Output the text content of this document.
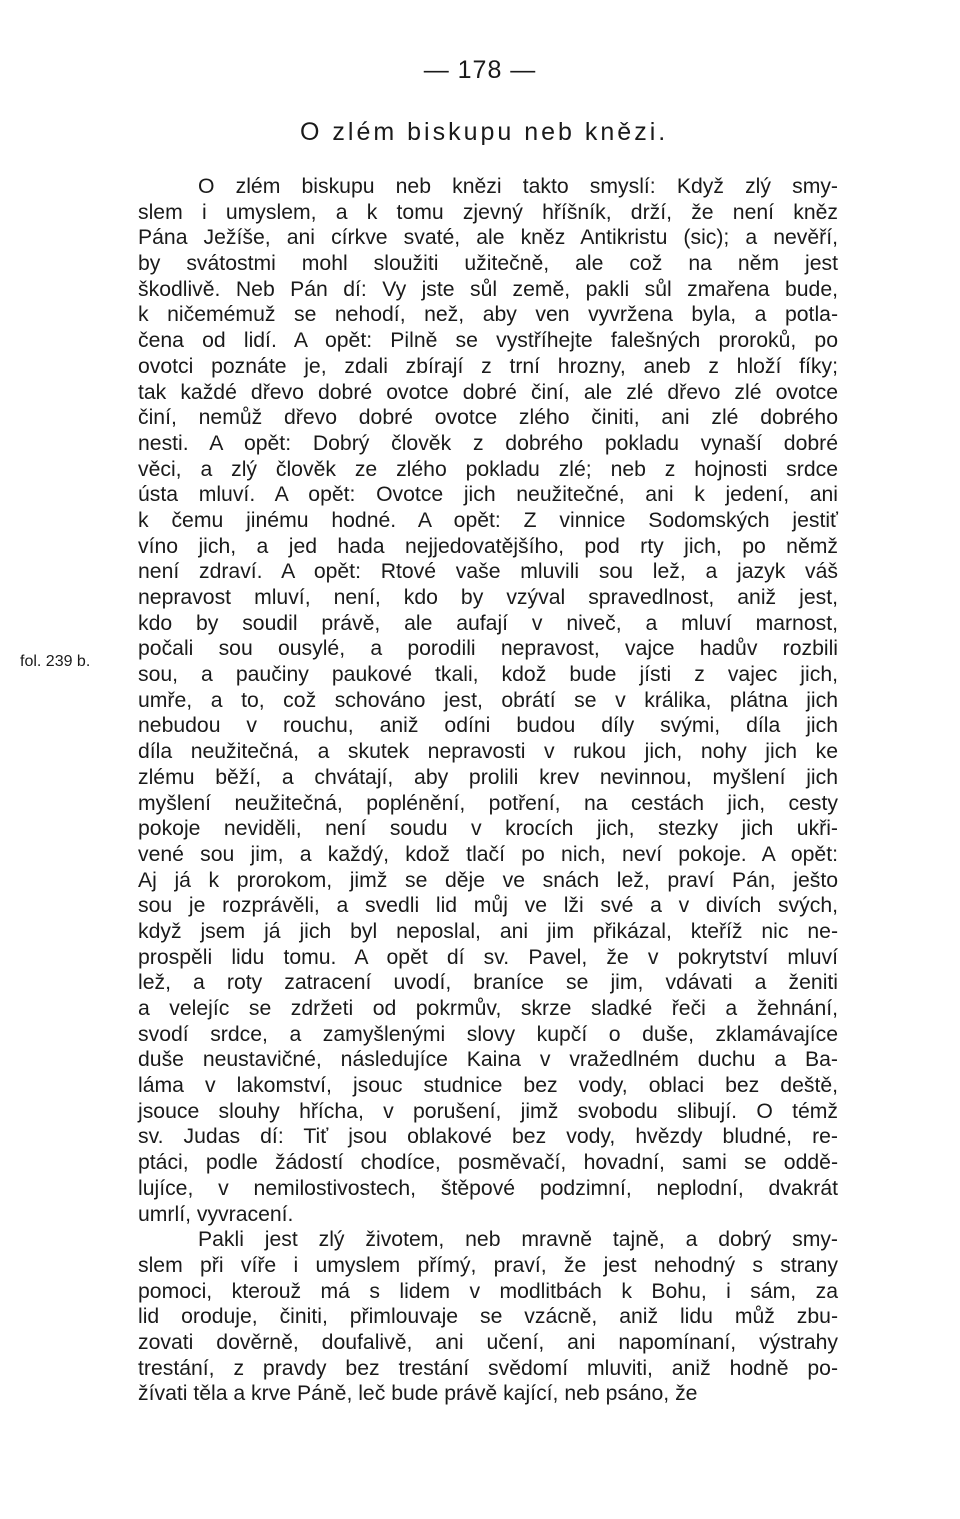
— 178 —
O zlém biskupu neb knězi.
fol. 239 b.
O zlém biskupu neb knězi takto smyslí: Když zlý smy-
slem i umyslem, a k tomu zjevný hříšník, drží, že není kněz
Pána Ježíše, ani církve svaté, ale kněz Antikristu (sic); a nevěří,
by svátostmi mohl sloužiti užitečně, ale což na něm jest
škodlivě. Neb Pán dí: Vy jste sůl země, pakli sůl zmařena bude,
k ničemémuž se nehodí, než, aby ven vyvržena byla, a potla-
čena od lidí. A opět: Pilně se vystříhejte falešných proroků, po
ovotci poznáte je, zdali zbírají z trní hrozny, aneb z hloží fíky;
tak každé dřevo dobré ovotce dobré činí, ale zlé dřevo zlé ovotce
činí, nemůž dřevo dobré ovotce zlého činiti, ani zlé dobrého
nesti. A opět: Dobrý člověk z dobrého pokladu vynaší dobré
věci, a zlý člověk ze zlého pokladu zlé; neb z hojnosti srdce
ústa mluví. A opět: Ovotce jich neužitečné, ani k jedení, ani
k čemu jinému hodné. A opět: Z vinnice Sodomských jestiť
víno jich, a jed hada nejjedovatějšího, pod rty jich, po němž
není zdraví. A opět: Rtové vaše mluvili sou lež, a jazyk váš
nepravost mluví, není, kdo by vzýval spravedlnost, aniž jest,
kdo by soudil právě, ale aufají v niveč, a mluví marnost,
počali sou ousylé, a porodili nepravost, vajce hadův rozbili
sou, a paučiny paukové tkali, kdož bude jísti z vajec jich,
umře, a to, což schováno jest, obrátí se v králika, plátna jich
nebudou v rouchu, aniž odíni budou díly svými, díla jich
díla neužitečná, a skutek nepravosti v rukou jich, nohy jich ke
zlému běží, a chvátají, aby prolili krev nevinnou, myšlení jich
myšlení neužitečná, poplénění, potření, na cestách jich, cesty
pokoje neviděli, není soudu v krocích jich, stezky jich ukři-
vené sou jim, a každý, kdož tlačí po nich, neví pokoje. A opět:
Aj já k prorokom, jimž se děje ve snách lež, praví Pán, ješto
sou je rozprávěli, a svedli lid můj ve lži své a v divích svých,
když jsem já jich byl neposlal, ani jim přikázal, kteříž nic ne-
prospěli lidu tomu. A opět dí sv. Pavel, že v pokrytství mluví
lež, a roty zatracení uvodí, braníce se jim, vdávati a ženiti
a velejíc se zdržeti od pokrmův, skrze sladké řeči a žehnání,
svodí srdce, a zamyšlenými slovy kupčí o duše, zklamávajíce
duše neustavičné, následujíce Kaina v vražedlném duchu a Ba-
láma v lakomství, jsouc studnice bez vody, oblaci bez deště,
jsouce slouhy hřícha, v porušení, jimž svobodu slibují. O témž
sv. Judas dí: Tiť jsou oblakové bez vody, hvězdy bludné, re-
ptáci, podle žádostí chodíce, posměvačí, hovadní, sami se oddě-
lujíce, v nemilostivostech, štěpové podzimní, neplodní, dvakrát
umrlí, vyvracení.
Pakli jest zlý životem, neb mravně tajně, a dobrý smy-
slem při víře i umyslem přímý, praví, že jest nehodný s strany
pomoci, kterouž má s lidem v modlitbách k Bohu, i sám, za
lid oroduje, činiti, přimlouvaje se vzácně, aniž lidu můž zbu-
zovati dověrně, doufalivě, ani učení, ani napomínaní, výstrahy
trestání, z pravdy bez trestání svědomí mluviti, aniž hodně po-
žívati těla a krve Páně, leč bude právě kající, neb psáno, že
